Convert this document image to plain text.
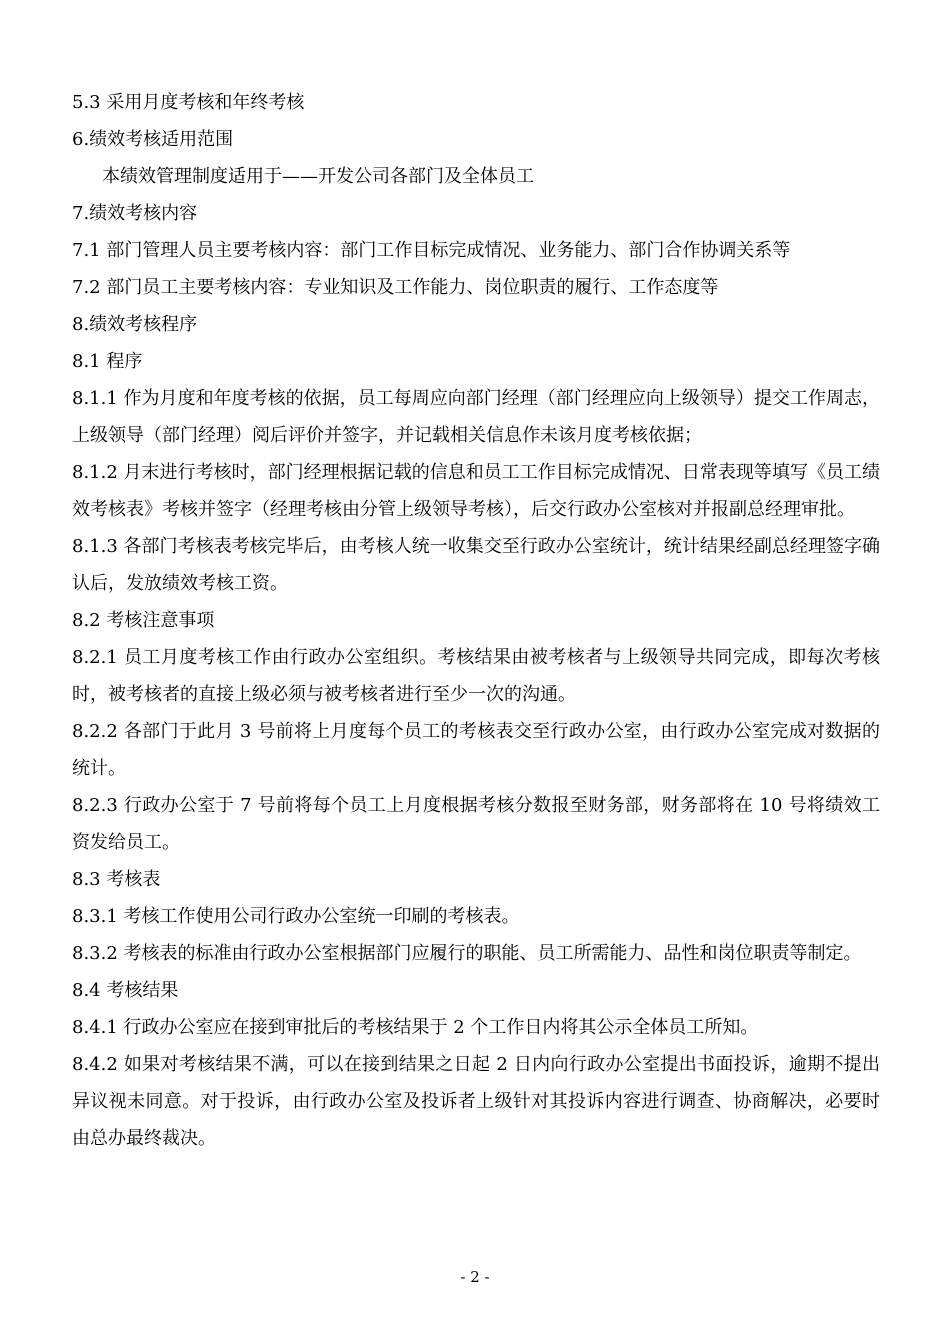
5.3 采用月度考核和年终考核

6.绩效考核适用范围

本绩效管理制度适用于——开发公司各部门及全体员工

7.绩效考核内容

7.1 部门管理人员主要考核内容：部门工作目标完成情况、业务能力、部门合作协调关系等

7.2 部门员工主要考核内容：专业知识及工作能力、岗位职责的履行、工作态度等

8.绩效考核程序

8.1 程序

8.1.1 作为月度和年度考核的依据，员工每周应向部门经理（部门经理应向上级领导）提交工作周志，上级领导（部门经理）阅后评价并签字，并记载相关信息作未该月度考核依据；

8.1.2 月末进行考核时，部门经理根据记载的信息和员工工作目标完成情况、日常表现等填写《员工绩效考核表》考核并签字（经理考核由分管上级领导考核），后交行政办公室核对并报副总经理审批。

8.1.3 各部门考核表考核完毕后，由考核人统一收集交至行政办公室统计，统计结果经副总经理签字确认后，发放绩效考核工资。

8.2 考核注意事项

8.2.1 员工月度考核工作由行政办公室组织。考核结果由被考核者与上级领导共同完成，即每次考核时，被考核者的直接上级必须与被考核者进行至少一次的沟通。

8.2.2 各部门于此月 3 号前将上月度每个员工的考核表交至行政办公室，由行政办公室完成对数据的统计。

8.2.3 行政办公室于 7 号前将每个员工上月度根据考核分数报至财务部，财务部将在 10 号将绩效工资发给员工。

8.3 考核表

8.3.1 考核工作使用公司行政办公室统一印刷的考核表。

8.3.2 考核表的标准由行政办公室根据部门应履行的职能、员工所需能力、品性和岗位职责等制定。

8.4 考核结果

8.4.1 行政办公室应在接到审批后的考核结果于 2 个工作日内将其公示全体员工所知。

8.4.2 如果对考核结果不满，可以在接到结果之日起 2 日内向行政办公室提出书面投诉，逾期不提出异议视未同意。对于投诉，由行政办公室及投诉者上级针对其投诉内容进行调查、协商解决，必要时由总办最终裁决。

- 2 -
